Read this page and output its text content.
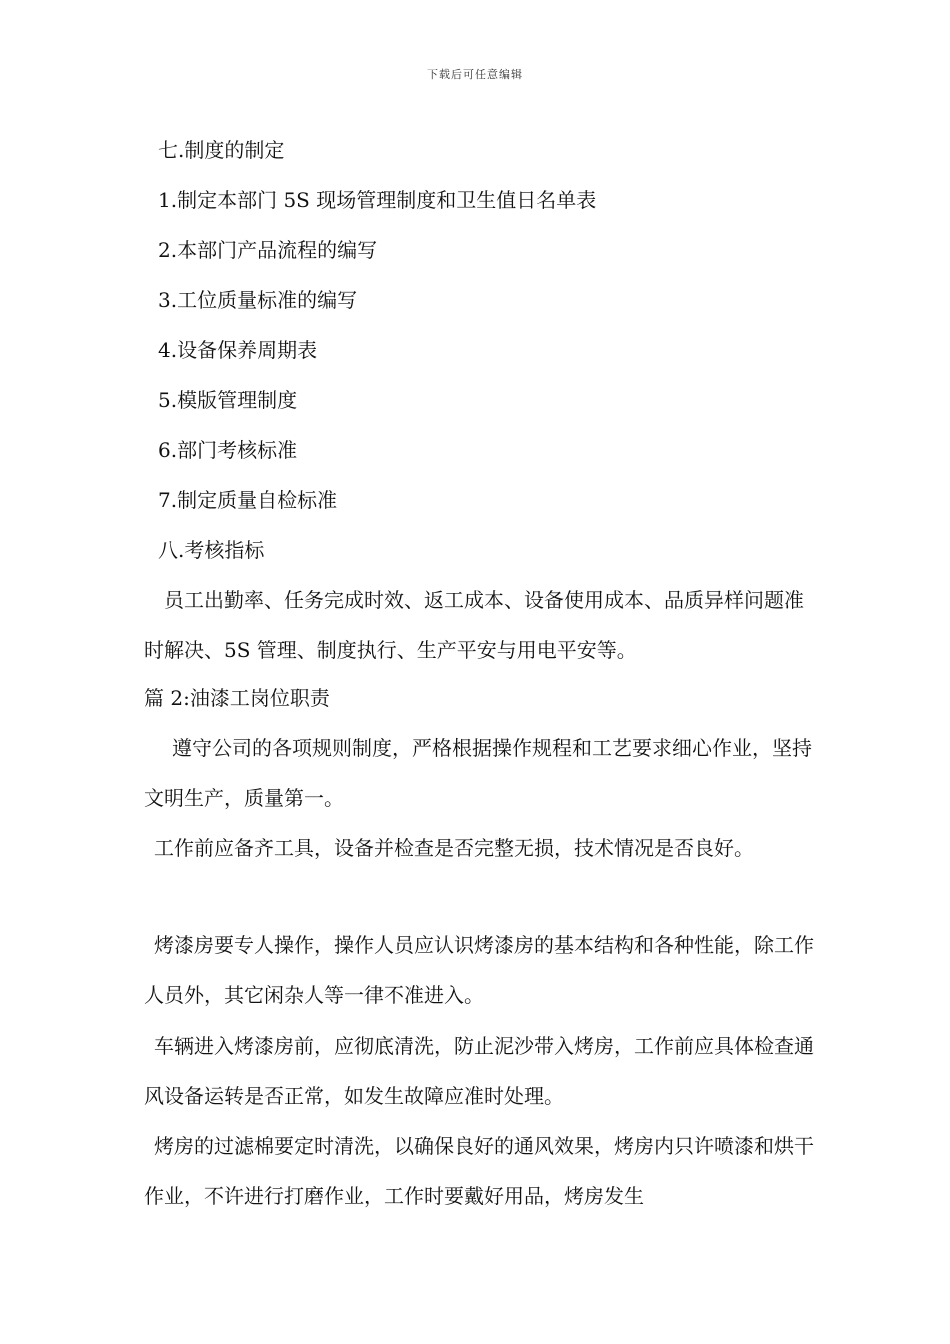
下载后可任意编辑
七.制度的制定
1.制定本部门 5S 现场管理制度和卫生值日名单表
2.本部门产品流程的编写
3.工位质量标准的编写
4.设备保养周期表
5.模版管理制度
6.部门考核标准
7.制定质量自检标准
八.考核指标
员工出勤率、任务完成时效、返工成本、设备使用成本、品质异样问题准时解决、5S 管理、制度执行、生产平安与用电平安等。
篇 2:油漆工岗位职责
遵守公司的各项规则制度，严格根据操作规程和工艺要求细心作业，坚持文明生产，质量第一。
工作前应备齐工具，设备并检查是否完整无损，技术情况是否良好。
烤漆房要专人操作，操作人员应认识烤漆房的基本结构和各种性能，除工作人员外，其它闲杂人等一律不准进入。
车辆进入烤漆房前，应彻底清洗，防止泥沙带入烤房，工作前应具体检查通风设备运转是否正常，如发生故障应准时处理。
烤房的过滤棉要定时清洗，以确保良好的通风效果，烤房内只许喷漆和烘干作业，不许进行打磨作业，工作时要戴好用品，烤房发生
